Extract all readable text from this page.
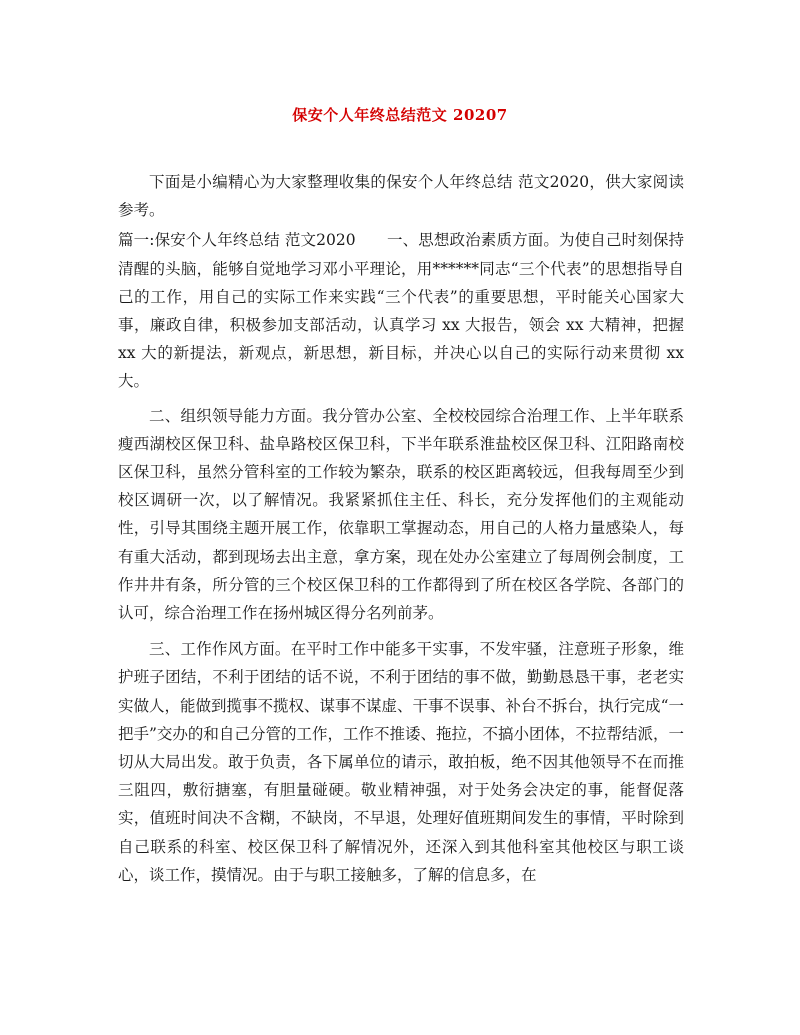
保安个人年终总结范文 20207

下面是小编精心为大家整理收集的保安个人年终总结 范文2020，供大家阅读参考。

篇一:保安个人年终总结 范文2020　　一、思想政治素质方面。为使自己时刻保持清醒的头脑，能够自觉地学习邓小平理论，用******同志“三个代表”的思想指导自己的工作，用自己的实际工作来实践“三个代表”的重要思想，平时能关心国家大事，廉政自律，积极参加支部活动，认真学习 xx 大报告，领会 xx 大精神，把握 xx 大的新提法，新观点，新思想，新目标，并决心以自己的实际行动来贯彻 xx 大。

二、组织领导能力方面。我分管办公室、全校校园综合治理工作、上半年联系瘦西湖校区保卫科、盐阜路校区保卫科，下半年联系淮盐校区保卫科、江阳路南校区保卫科，虽然分管科室的工作较为繁杂，联系的校区距离较远，但我每周至少到校区调研一次，以了解情况。我紧紧抓住主任、科长，充分发挥他们的主观能动性，引导其围绕主题开展工作，依靠职工掌握动态，用自己的人格力量感染人，每有重大活动，都到现场去出主意，拿方案，现在处办公室建立了每周例会制度，工作井井有条，所分管的三个校区保卫科的工作都得到了所在校区各学院、各部门的认可，综合治理工作在扬州城区得分名列前茅。

三、工作作风方面。在平时工作中能多干实事，不发牢骚，注意班子形象，维护班子团结，不利于团结的话不说，不利于团结的事不做，勤勤恳恳干事，老老实实做人，能做到揽事不揽权、谋事不谋虚、干事不误事、补台不拆台，执行完成“一把手”交办的和自己分管的工作，工作不推诿、拖拉，不搞小团体，不拉帮结派，一切从大局出发。敢于负责，各下属单位的请示，敢拍板，绝不因其他领导不在而推三阻四，敷衍搪塞，有胆量碰硬。敬业精神强，对于处务会决定的事，能督促落实，值班时间决不含糊，不缺岗，不早退，处理好值班期间发生的事情，平时除到自己联系的科室、校区保卫科了解情况外，还深入到其他科室其他校区与职工谈心，谈工作，摸情况。由于与职工接触多，了解的信息多，在
